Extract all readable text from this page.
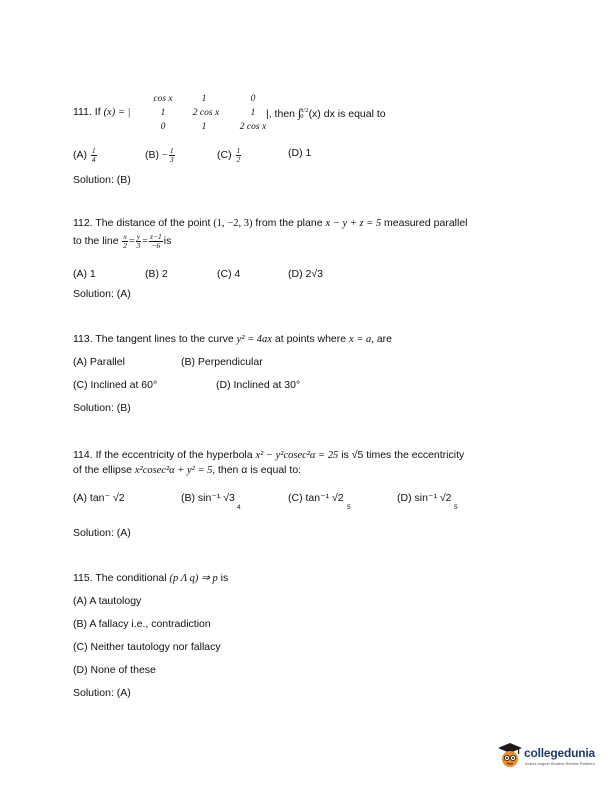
111. If (x) = |
cos x	1	0
1	2 cos x	1
0	1	2 cos x
|, then ∫ π/2
0 (x) dx is equal to
$(A) \frac{1}{4}$	$(B) - \frac{1}{3}$	$(C) \frac{1}{2}$	(D) 1
Solution: (B)
112. The distance of the point (1, −2, 3) from the plane x − y + z = 5 measured parallel
to the line $\frac{x}{2} = \frac{y}{3} = \frac{z-1}{-6}$ is
(A) 1	(B) 2	(C) 4	(D) 2√3
Solution: (A)
113. The tangent lines to the curve y² = 4ax at points where x = a, are
(A) Parallel	(B) Perpendicular
(C) Inclined at 60°	(D) Inclined at 30°
Solution: (B)
114. If the eccentricity of the hyperbola x² − y²cosec²α = 25 is √5 times the eccentricity
of the ellipse x²cosec²α + y² = 5, then α is equal to:
(A) tan⁻ √2	(B) sin⁻¹ √3
4
(C) tan⁻¹ √2
5
(D) sin⁻¹ √2
5
Solution: (A)
115. The conditional (p Λ q) ⇒ p is
(A) A tautology
(B) A fallacy i.e., contradiction
(C) Neither tautology nor fallacy
(D) None of these
Solution: (A)
collegedunia
India's largest Student Review Platform
